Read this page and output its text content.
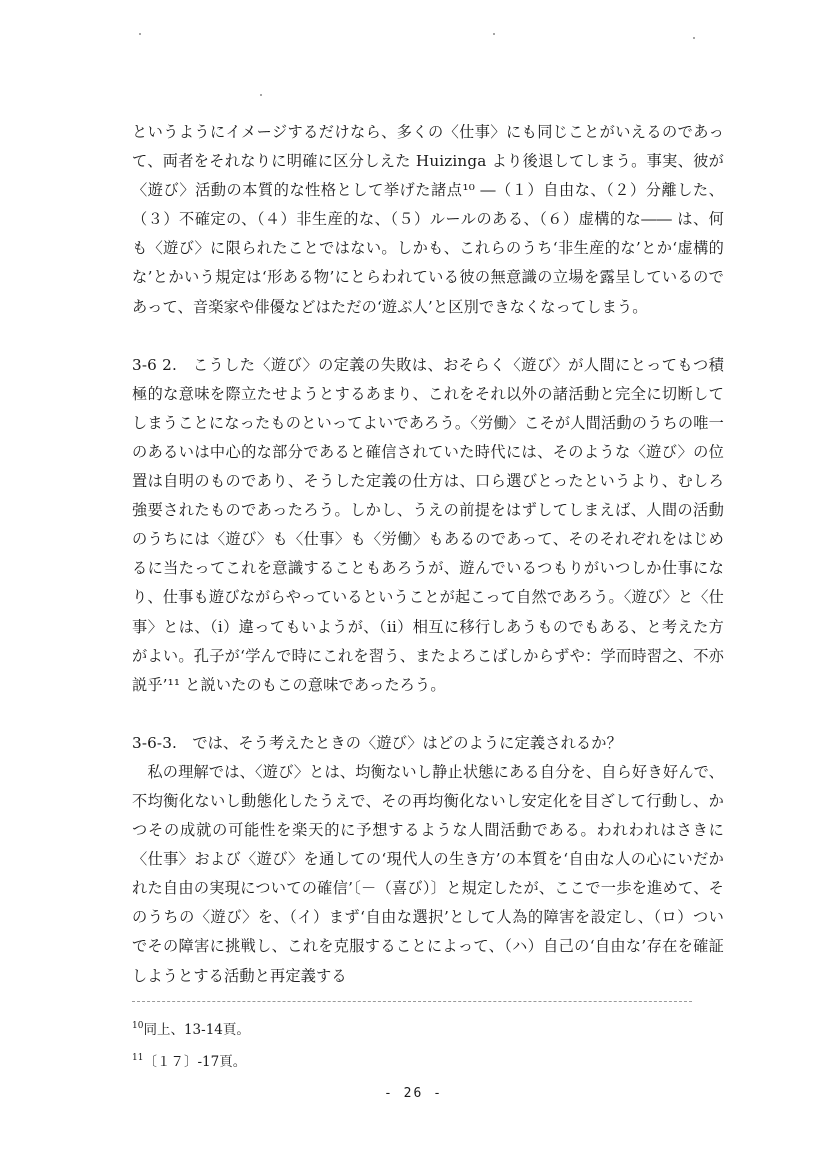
というようにイメージするだけなら、多くの〈仕事〉にも同じことがいえるのであって、両者をそれなりに明確に区分しえた Huizinga より後退してしまう。事実、彼が〈遊び〉活動の本質的な性格として挙げた諸点¹⁰ ―（１）自由な、（２）分離した、（３）不確定の、（４）非生産的な、（５）ルールのある、（６）虚構的な―― は、何も〈遊び〉に限られたことではない。しかも、これらのうち‘非生産的な’とか‘虚構的な’とかいう規定は‘形ある物’にとらわれている彼の無意識の立場を露呈しているのであって、音楽家や俳優などはただの‘遊ぶ人’と区別できなくなってしまう。

3-6 2.　こうした〈遊び〉の定義の失敗は、おそらく〈遊び〉が人間にとってもつ積極的な意味を際立たせようとするあまり、これをそれ以外の諸活動と完全に切断してしまうことになったものといってよいであろう。〈労働〉こそが人間活動のうちの唯一のあるいは中心的な部分であると確信されていた時代には、そのような〈遊び〉の位置は自明のものであり、そうした定義の仕方は、口ら選びとったというより、むしろ強要されたものであったろう。しかし、うえの前提をはずしてしまえば、人間の活動のうちには〈遊び〉も〈仕事〉も〈労働〉もあるのであって、そのそれぞれをはじめるに当たってこれを意識することもあろうが、遊んでいるつもりがいつしか仕事になり、仕事も遊びながらやっているということが起こって自然であろう。〈遊び〉と〈仕事〉とは、（i）違ってもいようが、（ii）相互に移行しあうものでもある、と考えた方がよい。孔子が‘学んで時にこれを習う、またよろこばしからずや：学而時習之、不亦説乎’¹¹ と説いたのもこの意味であったろう。

3-6-3.　では、そう考えたときの〈遊び〉はどのように定義されるか？

　私の理解では、〈遊び〉とは、均衡ないし静止状態にある自分を、自ら好き好んで、不均衡化ないし動態化したうえで、その再均衡化ないし安定化を目ざして行動し、かつその成就の可能性を楽天的に予想するような人間活動である。われわれはさきに〈仕事〉および〈遊び〉を通しての‘現代人の生き方’の本質を‘自由な人の心にいだかれた自由の実現についての確信’〔－（喜び）〕と規定したが、ここで一歩を進めて、そのうちの〈遊び〉を、（イ）まず‘自由な選択’として人為的障害を設定し、（ロ）ついでその障害に挑戦し、これを克服することによって、（ハ）自己の‘自由な’存在を確証しようとする活動と再定義する

$^{10}$同上、13-14頁。
$^{11}$〔１７〕-17頁。
- 26 -
